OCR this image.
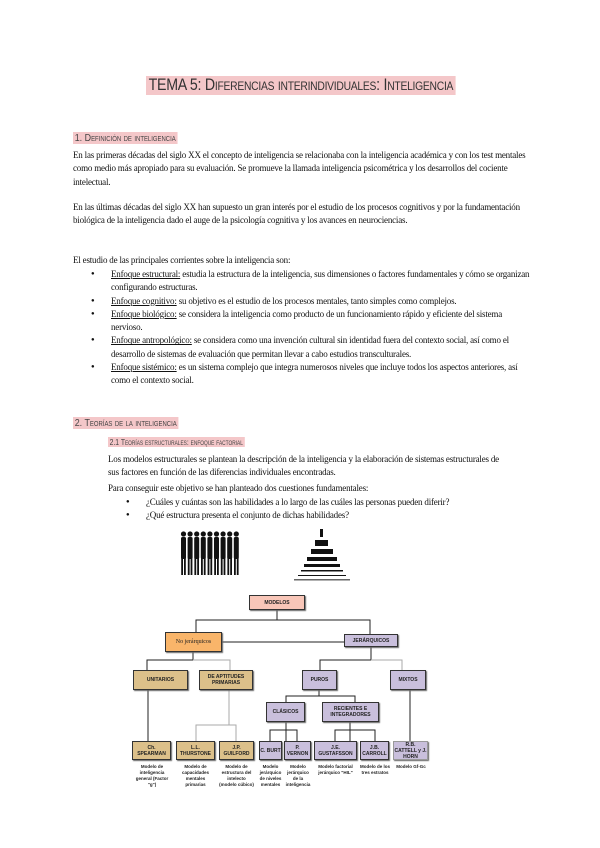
TEMA 5: Diferencias interindividuales: Inteligencia
1. Definición de inteligencia
En las primeras décadas del siglo XX el concepto de inteligencia se relacionaba con la inteligencia académica y con los test mentales como medio más apropiado para su evaluación. Se promueve la llamada inteligencia psicométrica y los desarrollos del cociente intelectual.
En las últimas décadas del siglo XX han supuesto un gran interés por el estudio de los procesos cognitivos y por la fundamentación biológica de la inteligencia dado el auge de la psicología cognitiva y los avances en neurociencias.
El estudio de las principales corrientes sobre la inteligencia son:
● Enfoque estructural: estudia la estructura de la inteligencia, sus dimensiones o factores fundamentales y cómo se organizan configurando estructuras.
● Enfoque cognitivo: su objetivo es el estudio de los procesos mentales, tanto simples como complejos.
● Enfoque biológico: se considera la inteligencia como producto de un funcionamiento rápido y eficiente del sistema nervioso.
● Enfoque antropológico: se considera como una invención cultural sin identidad fuera del contexto social, así como el desarrollo de sistemas de evaluación que permitan llevar a cabo estudios transculturales.
● Enfoque sistémico: es un sistema complejo que integra numerosos niveles que incluye todos los aspectos anteriores, así como el contexto social.
2. Teorías de la inteligencia
2.1 Teorías estructurales: enfoque factorial
Los modelos estructurales se plantean la descripción de la inteligencia y la elaboración de sistemas estructurales de sus factores en función de las diferencias individuales encontradas.
Para conseguir este objetivo se han planteado dos cuestiones fundamentales:
● ¿Cuáles y cuántas son las habilidades a lo largo de las cuáles las personas pueden diferir?
● ¿Qué estructura presenta el conjunto de dichas habilidades?
MODELOS
No jerárquicos	JERÁRQUICOS
UNITARIOS	DE APTITUDES PRIMARIAS	PUROS	MIXTOS
CLÁSICOS	RECIENTES E INTEGRADORES
Ch. SPEARMAN
L.L. THURSTONE
J.P. GUILFORD	C. BURT	P. VERNON
J.E. GUSTAFSSON
J.B. CARROLL
R.B. CATTELL y J. HORN
Modelo de inteligencia general (Factor "g")
Modelo de capacidades mentales primarias
Modelo de estructura del intelecto (modelo cúbico)
Modelo jerárquico de niveles mentales
Modelo jerárquico de la inteligencia
Modelo factorial jerárquico "HIL"
Modelo de los tres estratos
Modelo Gf-Gc
